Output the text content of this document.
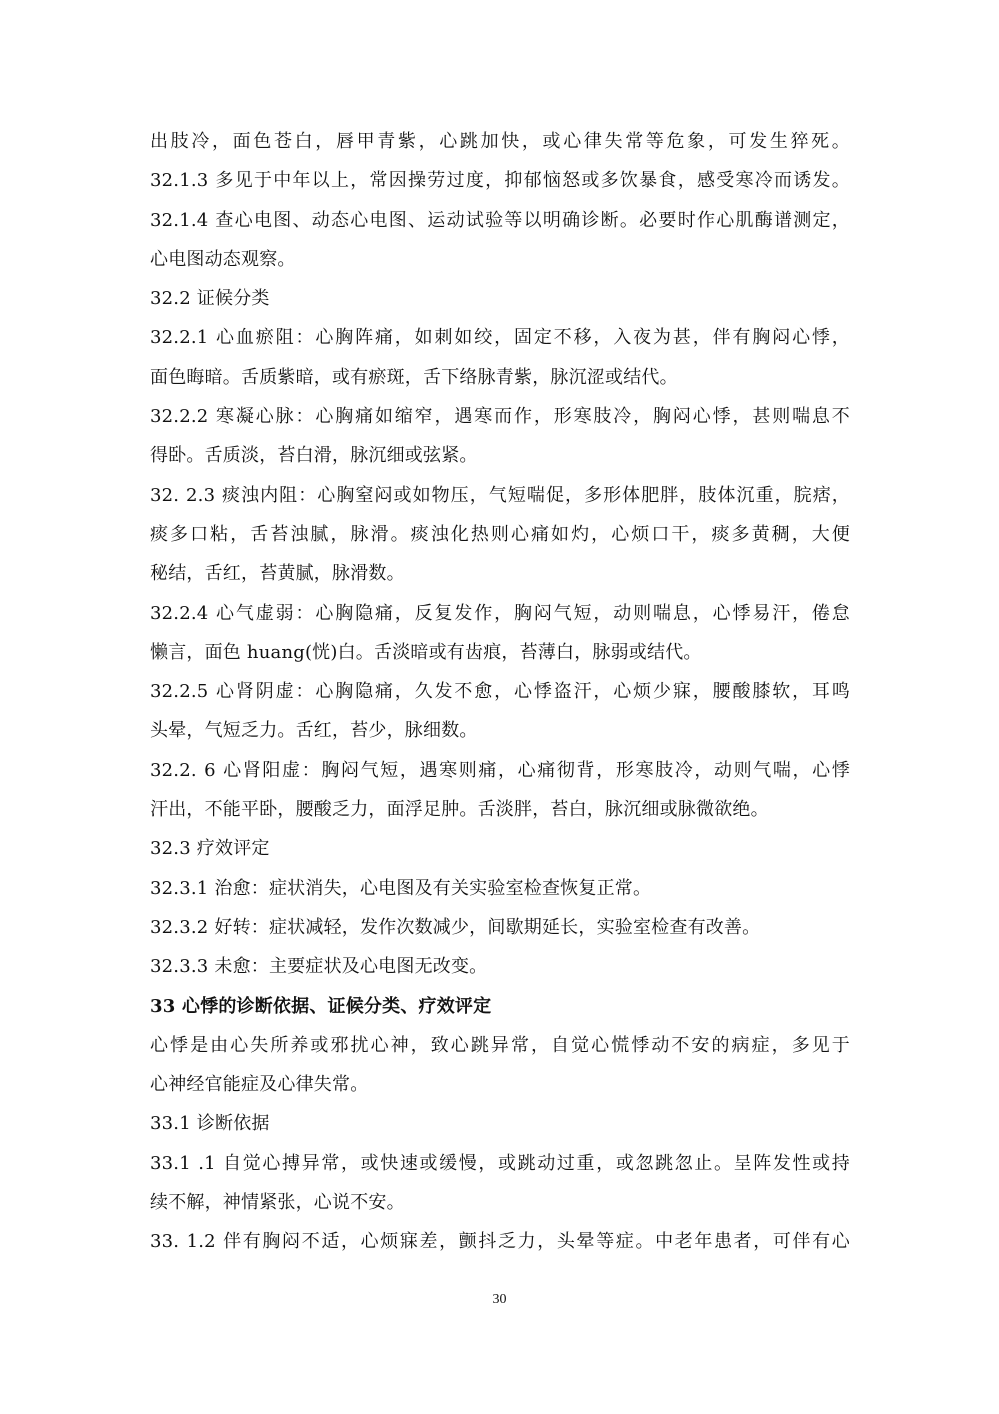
出肢冷，面色苍白，唇甲青紫，心跳加快，或心律失常等危象，可发生猝死。
32.1.3 多见于中年以上，常因操劳过度，抑郁恼怒或多饮暴食，感受寒冷而诱发。
32.1.4 查心电图、动态心电图、运动试验等以明确诊断。必要时作心肌酶谱测定，
心电图动态观察。
32.2 证候分类
32.2.1 心血瘀阻：心胸阵痛，如刺如绞，固定不移，入夜为甚，伴有胸闷心悸，
面色晦暗。舌质紫暗，或有瘀斑，舌下络脉青紫，脉沉涩或结代。
32.2.2 寒凝心脉：心胸痛如缩窄，遇寒而作，形寒肢冷，胸闷心悸，甚则喘息不
得卧。舌质淡，苔白滑，脉沉细或弦紧。
32. 2.3 痰浊内阻：心胸窒闷或如物压，气短喘促，多形体肥胖，肢体沉重，脘痞，
痰多口粘，舌苔浊腻，脉滑。痰浊化热则心痛如灼，心烦口干，痰多黄稠，大便
秘结，舌红，苔黄腻，脉滑数。
32.2.4 心气虚弱：心胸隐痛，反复发作，胸闷气短，动则喘息，心悸易汗，倦怠
懒言，面色 huang(恍)白。舌淡暗或有齿痕，苔薄白，脉弱或结代。
32.2.5 心肾阴虚：心胸隐痛，久发不愈，心悸盗汗，心烦少寐，腰酸膝软，耳鸣
头晕，气短乏力。舌红，苔少，脉细数。
32.2. 6 心肾阳虚：胸闷气短，遇寒则痛，心痛彻背，形寒肢冷，动则气喘，心悸
汗出，不能平卧，腰酸乏力，面浮足肿。舌淡胖，苔白，脉沉细或脉微欲绝。
32.3 疗效评定
32.3.1 治愈：症状消失，心电图及有关实验室检查恢复正常。
32.3.2 好转：症状减轻，发作次数减少，间歇期延长，实验室检查有改善。
32.3.3 未愈：主要症状及心电图无改变。
33 心悸的诊断依据、证候分类、疗效评定
心悸是由心失所养或邪扰心神，致心跳异常，自觉心慌悸动不安的病症，多见于
心神经官能症及心律失常。
33.1 诊断依据
33.1 .1 自觉心搏异常，或快速或缓慢，或跳动过重，或忽跳忽止。呈阵发性或持
续不解，神情紧张，心说不安。
33. 1.2 伴有胸闷不适，心烦寐差，颤抖乏力，头晕等症。中老年患者，可伴有心
30
